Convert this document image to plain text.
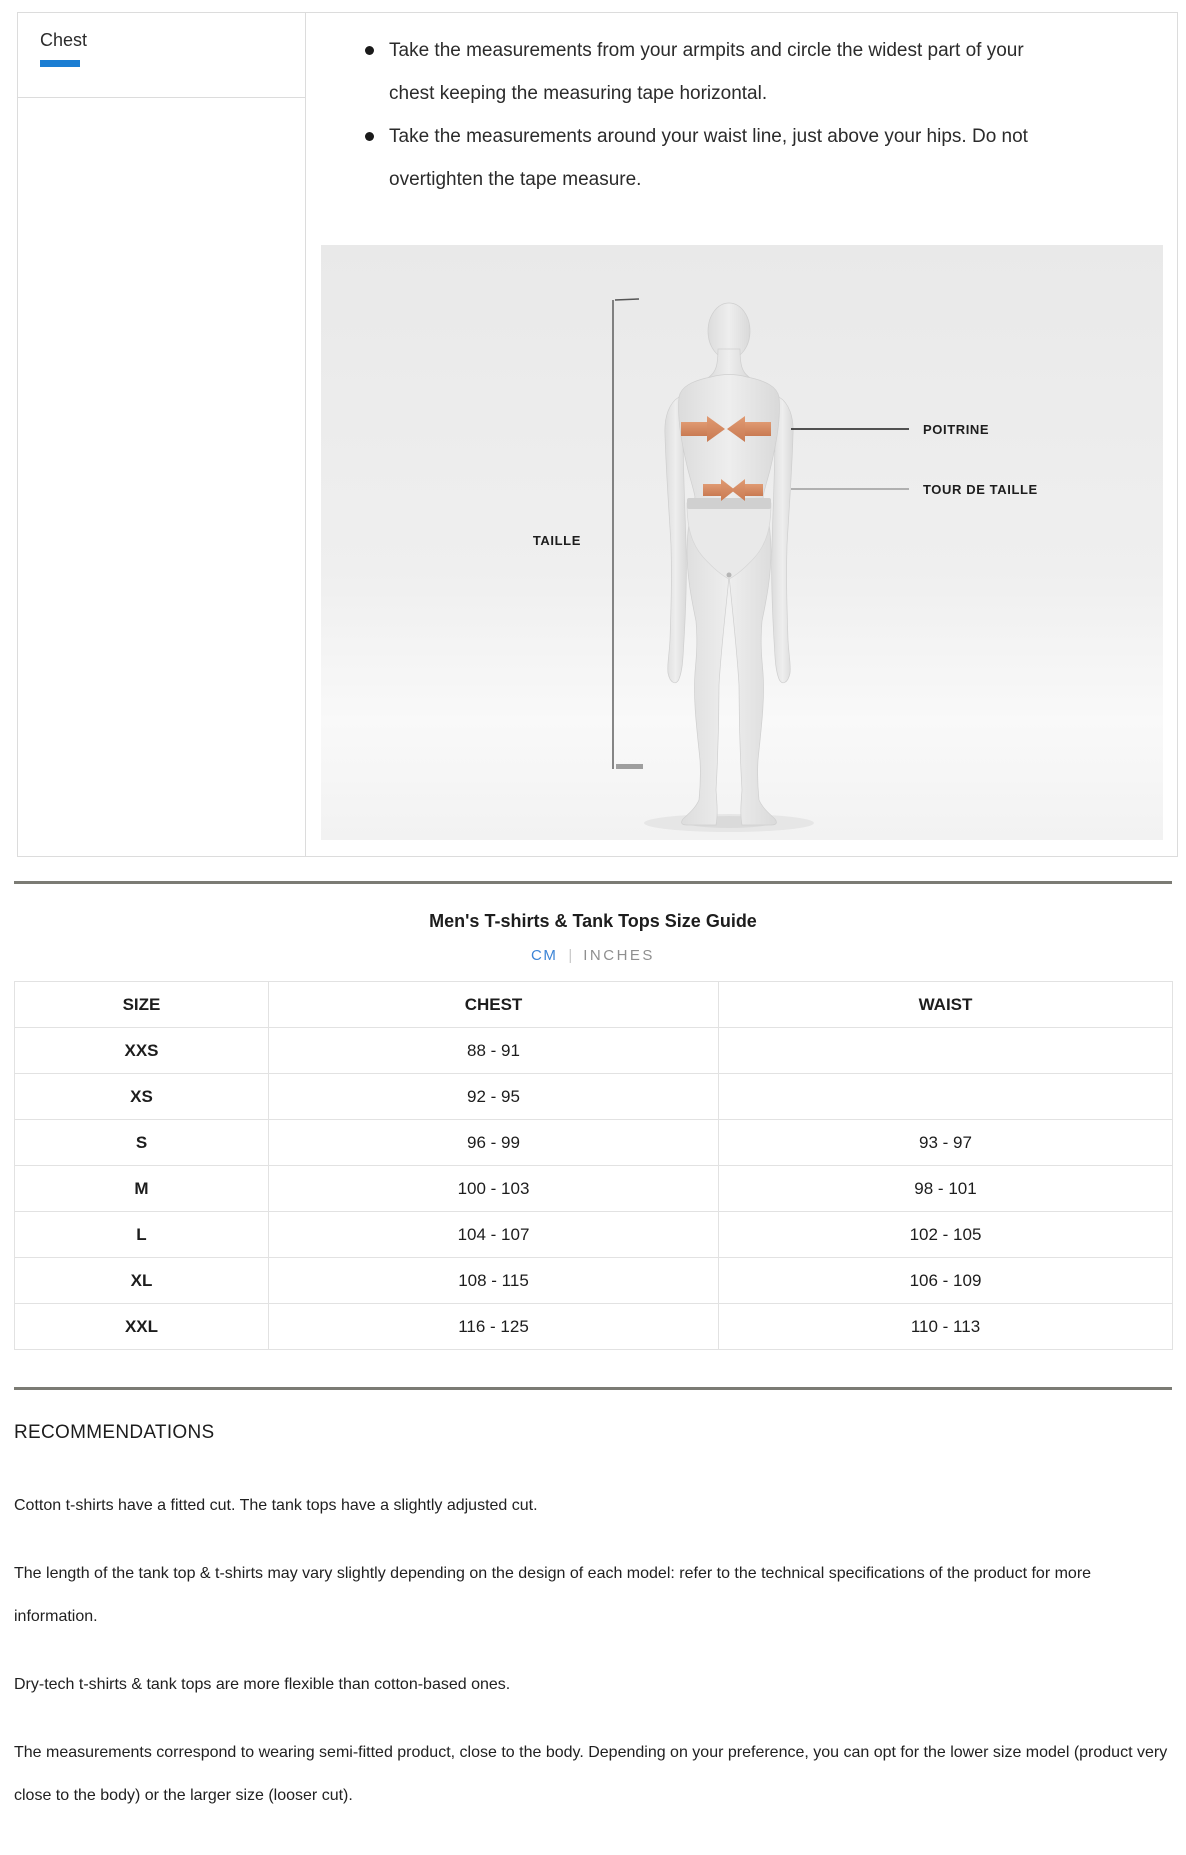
Chest	Take the measurements from your armpits and circle the widest part of your chest keeping the measuring tape horizontal.
Take the measurements around your waist line, just above your hips. Do not overtighten the tape measure.
POITRINE
TOUR DE TAILLE
TAILLE
Men's T-shirts & Tank Tops Size Guide
CM | INCHES
SIZE	CHEST	WAIST
XXS	88 - 91	
XS	92 - 95	
S	96 - 99	93 - 97
M	100 - 103	98 - 101
L	104 - 107	102 - 105
XL	108 - 115	106 - 109
XXL	116 - 125	110 - 113
RECOMMENDATIONS

Cotton t-shirts have a fitted cut. The tank tops have a slightly adjusted cut.

The length of the tank top & t-shirts may vary slightly depending on the design of each model: refer to the technical specifications of the product for more information.

Dry-tech t-shirts & tank tops are more flexible than cotton-based ones.

The measurements correspond to wearing semi-fitted product, close to the body. Depending on your preference, you can opt for the lower size model (product very close to the body) or the larger size (looser cut).
